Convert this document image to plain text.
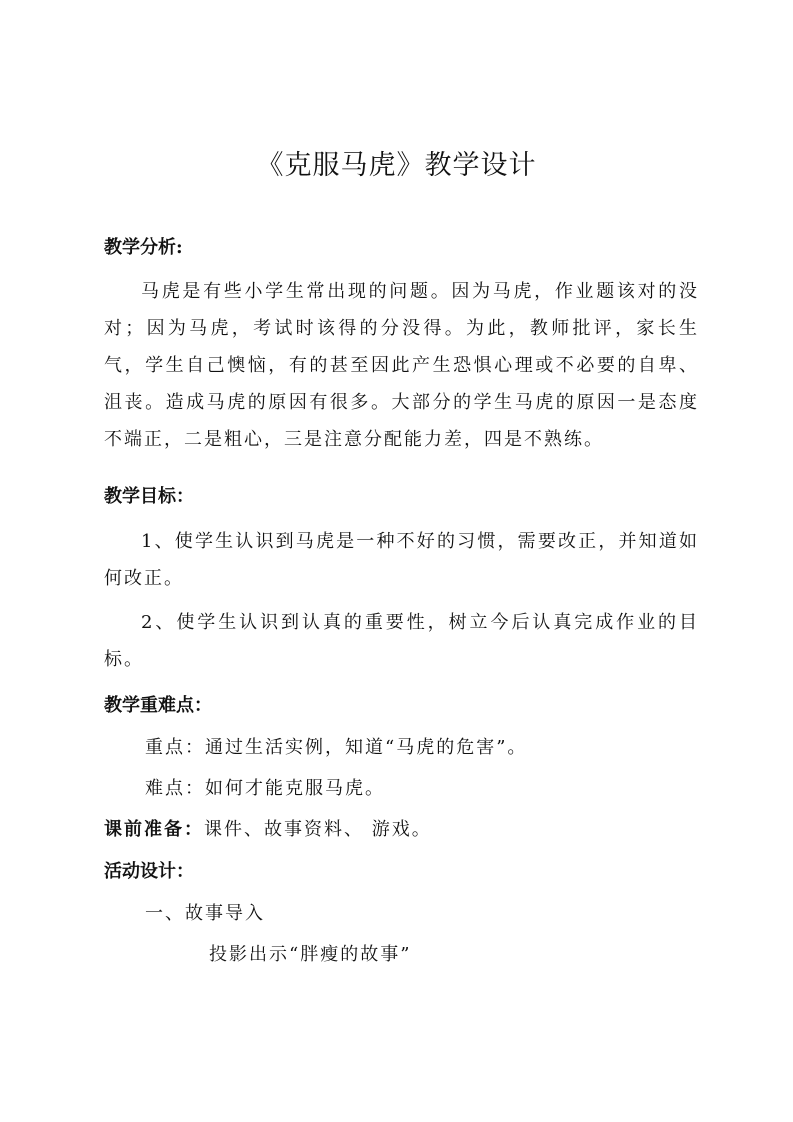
《克服马虎》教学设计
教学分析:
马虎是有些小学生常出现的问题。因为马虎，作业题该对的没对；因为马虎，考试时该得的分没得。为此，教师批评，家长生气，学生自己懊恼，有的甚至因此产生恐惧心理或不必要的自卑、沮丧。造成马虎的原因有很多。大部分的学生马虎的原因一是态度不端正，二是粗心，三是注意分配能力差，四是不熟练。
教学目标：
1、使学生认识到马虎是一种不好的习惯，需要改正，并知道如何改正。
2、使学生认识到认真的重要性，树立今后认真完成作业的目标。
教学重难点：
重点：通过生活实例，知道“马虎的危害”。
难点：如何才能克服马虎。
课前准备：课件、故事资料、 游戏。
活动设计：
一、故事导入
投影出示“胖瘦的故事”
